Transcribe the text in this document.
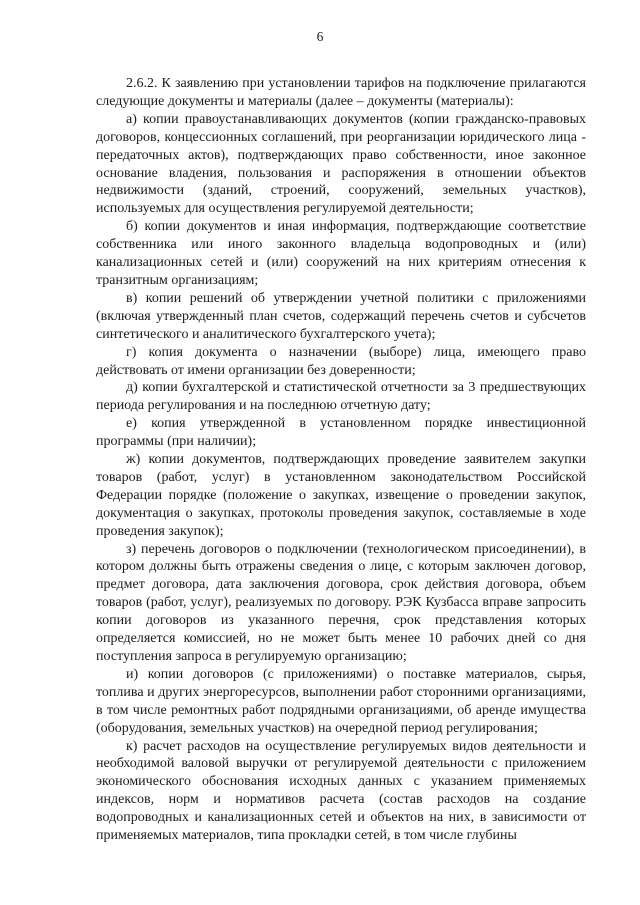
6

2.6.2. К заявлению при установлении тарифов на подключение прилагаются следующие документы и материалы (далее – документы (материалы):

а) копии правоустанавливающих документов (копии гражданско-правовых договоров, концессионных соглашений, при реорганизации юридического лица - передаточных актов), подтверждающих право собственности, иное законное основание владения, пользования и распоряжения в отношении объектов недвижимости (зданий, строений, сооружений, земельных участков), используемых для осуществления регулируемой деятельности;

б) копии документов и иная информация, подтверждающие соответствие собственника или иного законного владельца водопроводных и (или) канализационных сетей и (или) сооружений на них критериям отнесения к транзитным организациям;

в) копии решений об утверждении учетной политики с приложениями (включая утвержденный план счетов, содержащий перечень счетов и субсчетов синтетического и аналитического бухгалтерского учета);

г) копия документа о назначении (выборе) лица, имеющего право действовать от имени организации без доверенности;

д) копии бухгалтерской и статистической отчетности за 3 предшествующих периода регулирования и на последнюю отчетную дату;

е) копия утвержденной в установленном порядке инвестиционной программы (при наличии);

ж) копии документов, подтверждающих проведение заявителем закупки товаров (работ, услуг) в установленном законодательством Российской Федерации порядке (положение о закупках, извещение о проведении закупок, документация о закупках, протоколы проведения закупок, составляемые в ходе проведения закупок);

з) перечень договоров о подключении (технологическом присоединении), в котором должны быть отражены сведения о лице, с которым заключен договор, предмет договора, дата заключения договора, срок действия договора, объем товаров (работ, услуг), реализуемых по договору. РЭК Кузбасса вправе запросить копии договоров из указанного перечня, срок представления которых определяется комиссией, но не может быть менее 10 рабочих дней со дня поступления запроса в регулируемую организацию;

и) копии договоров (с приложениями) о поставке материалов, сырья, топлива и других энергоресурсов, выполнении работ сторонними организациями, в том числе ремонтных работ подрядными организациями, об аренде имущества (оборудования, земельных участков) на очередной период регулирования;

к) расчет расходов на осуществление регулируемых видов деятельности и необходимой валовой выручки от регулируемой деятельности с приложением экономического обоснования исходных данных с указанием применяемых индексов, норм и нормативов расчета (состав расходов на создание водопроводных и канализационных сетей и объектов на них, в зависимости от применяемых материалов, типа прокладки сетей, в том числе глубины
